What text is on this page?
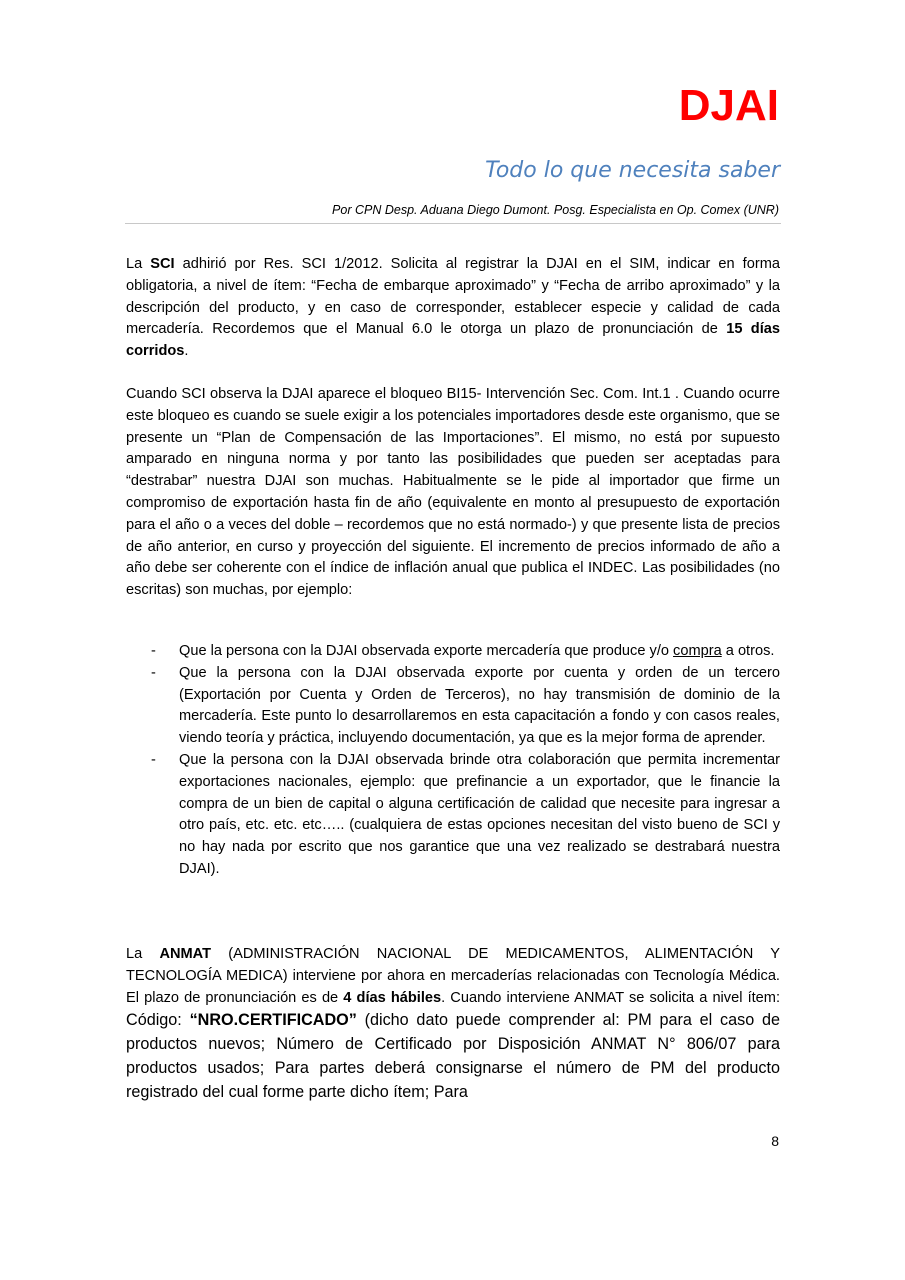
DJAI
Todo lo que necesita saber
Por CPN Desp. Aduana Diego Dumont. Posg. Especialista en Op. Comex (UNR)
La SCI adhirió por Res. SCI 1/2012. Solicita al registrar la DJAI en el SIM, indicar en forma obligatoria, a nivel de ítem: “Fecha de embarque aproximado” y “Fecha de arribo aproximado” y la descripción del producto, y en caso de corresponder, establecer especie y calidad de cada mercadería. Recordemos que el Manual 6.0 le otorga un plazo de pronunciación de 15 días corridos.
Cuando SCI observa la DJAI aparece el bloqueo BI15- Intervención Sec. Com. Int.1 . Cuando ocurre este bloqueo es cuando se suele exigir a los potenciales importadores desde este organismo, que se presente un “Plan de Compensación de las Importaciones”. El mismo, no está por supuesto amparado en ninguna norma y por tanto las posibilidades que pueden ser aceptadas para “destrabar” nuestra DJAI son muchas. Habitualmente se le pide al importador que firme un compromiso de exportación hasta fin de año (equivalente en monto al presupuesto de exportación para el año o a veces del doble – recordemos que no está normado-) y que presente lista de precios de año anterior, en curso y proyección del siguiente. El incremento de precios informado de año a año debe ser coherente con el índice de inflación anual que publica el INDEC. Las posibilidades (no escritas) son muchas, por ejemplo:
- Que la persona con la DJAI observada exporte mercadería que produce y/o compra a otros.
- Que la persona con la DJAI observada exporte por cuenta y orden de un tercero (Exportación por Cuenta y Orden de Terceros), no hay transmisión de dominio de la mercadería. Este punto lo desarrollaremos en esta capacitación a fondo y con casos reales, viendo teoría y práctica, incluyendo documentación, ya que es la mejor forma de aprender.
- Que la persona con la DJAI observada brinde otra colaboración que permita incrementar exportaciones nacionales, ejemplo: que prefinancie a un exportador, que le financie la compra de un bien de capital o alguna certificación de calidad que necesite para ingresar a otro país, etc. etc. etc….. (cualquiera de estas opciones necesitan del visto bueno de SCI y no hay nada por escrito que nos garantice que una vez realizado se destrabará nuestra DJAI).
La ANMAT (ADMINISTRACIÓN NACIONAL DE MEDICAMENTOS, ALIMENTACIÓN Y TECNOLOGÍA MEDICA) interviene por ahora en mercaderías relacionadas con Tecnología Médica. El plazo de pronunciación es de 4 días hábiles. Cuando interviene ANMAT se solicita a nivel ítem: Código: “NRO.CERTIFICADO” (dicho dato puede comprender al: PM para el caso de productos nuevos; Número de Certificado por Disposición ANMAT N° 806/07 para productos usados; Para partes deberá consignarse el número de PM del producto registrado del cual forme parte dicho ítem; Para
8
